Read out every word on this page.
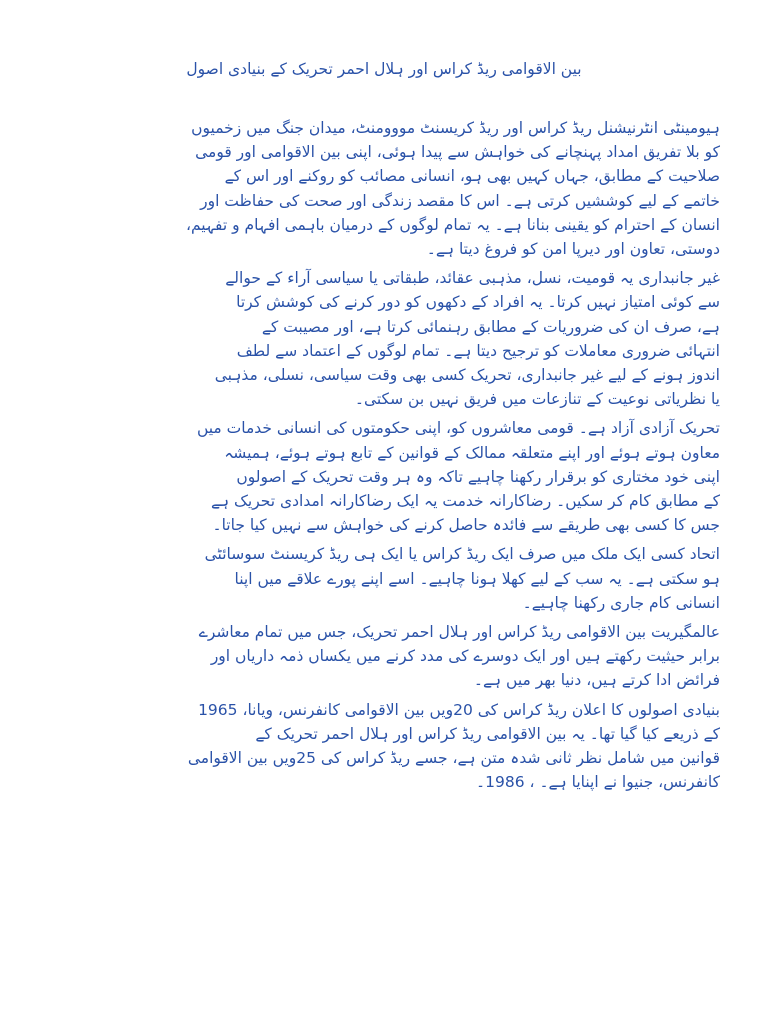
بین الاقوامی ریڈ کراس اور ہلال احمر تحریک کے بنیادی اصول

ہیومینٹی انٹرنیشنل ریڈ کراس اور ریڈ کریسنٹ مووومنٹ، میدان جنگ میں زخمیوں
کو بلا تفریق امداد پہنچانے کی خواہش سے پیدا ہوئی، اپنی بین الاقوامی اور قومی
صلاحیت کے مطابق، جہاں کہیں بھی ہو، انسانی مصائب کو روکنے اور اس کے
خاتمے کے لیے کوششیں کرتی ہے۔ اس کا مقصد زندگی اور صحت کی حفاظت اور
انسان کے احترام کو یقینی بنانا ہے۔ یہ تمام لوگوں کے درمیان باہمی افہام و تفہیم،
دوستی، تعاون اور دیرپا امن کو فروغ دیتا ہے۔

غیر جانبداری یہ قومیت، نسل، مذہبی عقائد، طبقاتی یا سیاسی آراء کے حوالے
سے کوئی امتیاز نہیں کرتا۔ یہ افراد کے دکھوں کو دور کرنے کی کوشش کرتا
ہے، صرف ان کی ضروریات کے مطابق رہنمائی کرتا ہے، اور مصیبت کے
انتہائی ضروری معاملات کو ترجیح دیتا ہے۔ تمام لوگوں کے اعتماد سے لطف
اندوز ہونے کے لیے غیر جانبداری، تحریک کسی بھی وقت سیاسی، نسلی، مذہبی
یا نظریاتی نوعیت کے تنازعات میں فریق نہیں بن سکتی۔

تحریک آزادی آزاد ہے۔ قومی معاشروں کو، اپنی حکومتوں کی انسانی خدمات میں
معاون ہوتے ہوئے اور اپنے متعلقہ ممالک کے قوانین کے تابع ہوتے ہوئے، ہمیشہ
اپنی خود مختاری کو برقرار رکھنا چاہیے تاکہ وہ ہر وقت تحریک کے اصولوں
کے مطابق کام کر سکیں۔ رضاکارانہ خدمت یہ ایک رضاکارانہ امدادی تحریک ہے
جس کا کسی بھی طریقے سے فائدہ حاصل کرنے کی خواہش سے نہیں کیا جاتا۔

اتحاد کسی ایک ملک میں صرف ایک ریڈ کراس یا ایک ہی ریڈ کریسنٹ سوسائٹی
ہو سکتی ہے۔ یہ سب کے لیے کھلا ہونا چاہیے۔ اسے اپنے پورے علاقے میں اپنا
انسانی کام جاری رکھنا چاہیے۔

عالمگیریت بین الاقوامی ریڈ کراس اور ہلال احمر تحریک، جس میں تمام معاشرے
برابر حیثیت رکھتے ہیں اور ایک دوسرے کی مدد کرنے میں یکساں ذمہ داریاں اور
فرائض ادا کرتے ہیں، دنیا بھر میں ہے۔

بنیادی اصولوں کا اعلان ریڈ کراس کی 20ویں بین الاقوامی کانفرنس، ویانا، 1965
کے ذریعے کیا گیا تھا۔ یہ بین الاقوامی ریڈ کراس اور ہلال احمر تحریک کے
قوانین میں شامل نظر ثانی شدہ متن ہے، جسے ریڈ کراس کی 25ویں بین الاقوامی
کانفرنس، جنیوا نے اپنایا ہے۔ ، 1986۔
